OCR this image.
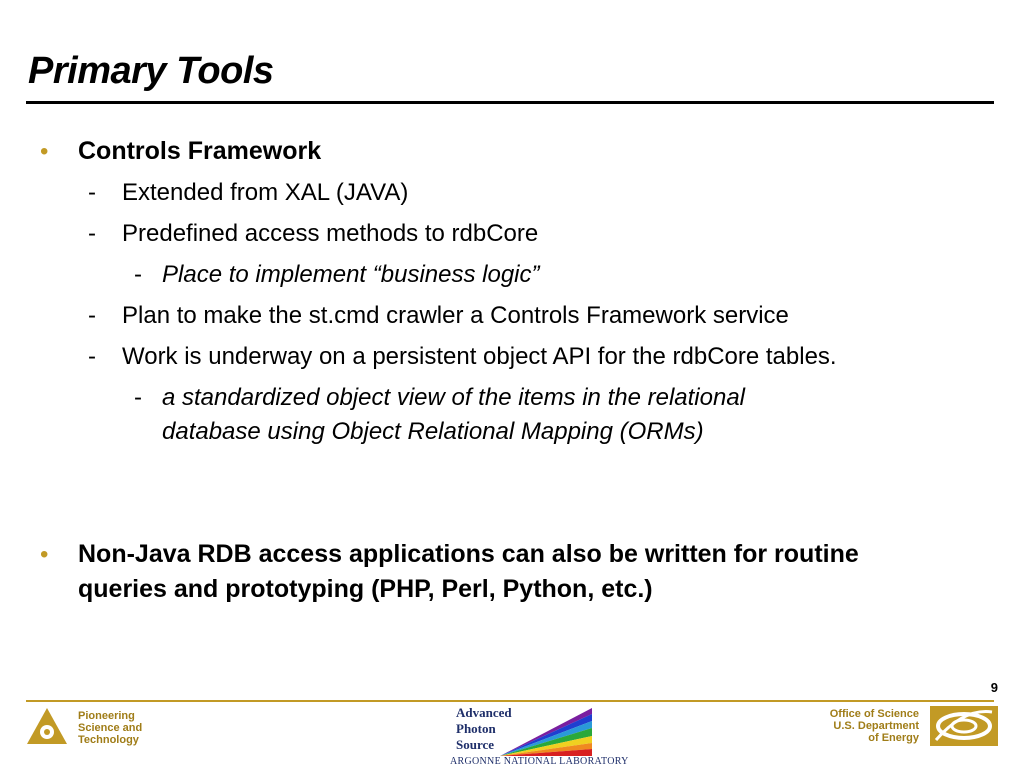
Primary Tools
• Controls Framework
- Extended from XAL (JAVA)
- Predefined access methods to rdbCore
- Place to implement “business logic”
- Plan to make the st.cmd crawler a Controls Framework service
- Work is underway on a persistent object API for the rdbCore tables.
- a standardized object view of the items in the relational
database using Object Relational Mapping (ORMs)
• Non-Java RDB access applications can also be written for routine
queries and prototyping (PHP, Perl, Python, etc.)
9
Pioneering
Science and
Technology
Advanced
Photon
Source
ARGONNE NATIONAL LABORATORY
Office of Science
U.S. Department
of Energy
